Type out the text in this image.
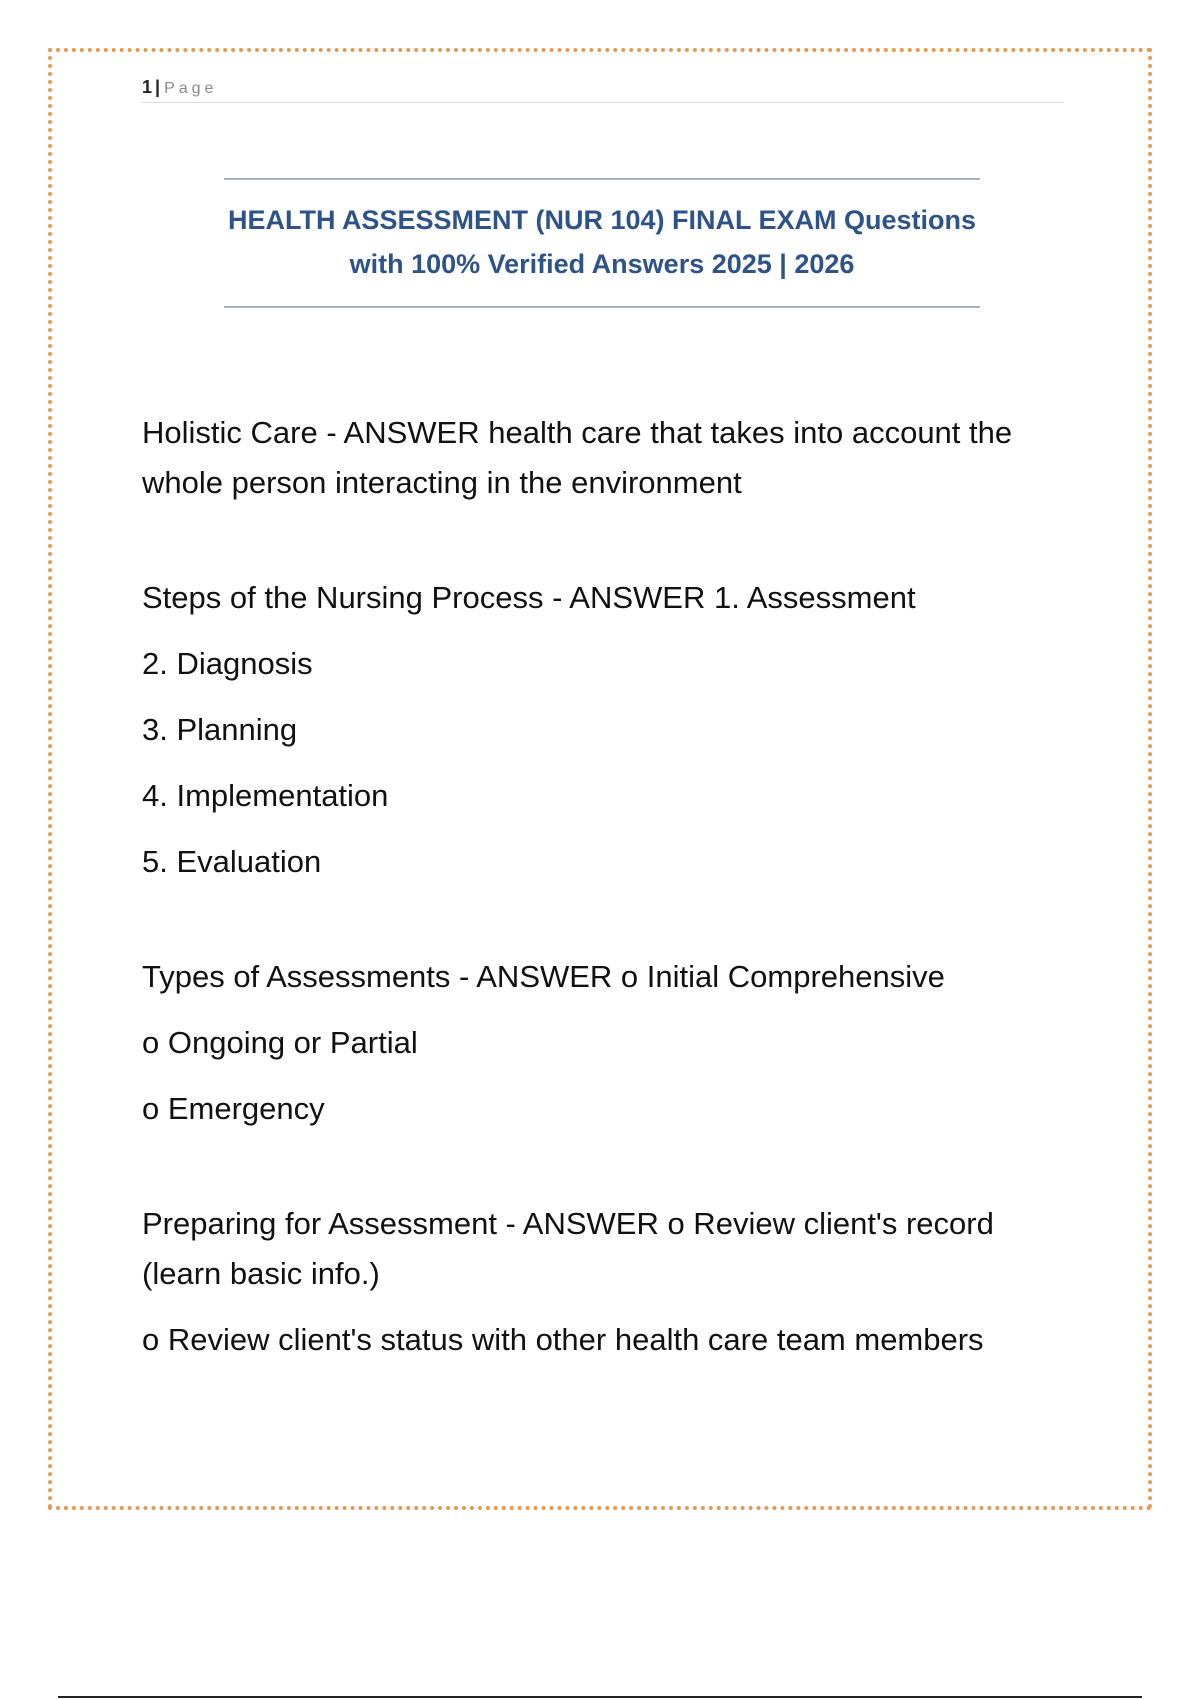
1 | Page
HEALTH ASSESSMENT (NUR 104) FINAL EXAM Questions
with 100% Verified Answers 2025 | 2026
Holistic Care - ANSWER health care that takes into account the
whole person interacting in the environment
Steps of the Nursing Process - ANSWER 1. Assessment
2. Diagnosis
3. Planning
4. Implementation
5. Evaluation
Types of Assessments - ANSWER o Initial Comprehensive
o Ongoing or Partial
o Emergency
Preparing for Assessment - ANSWER o Review client's record
(learn basic info.)
o Review client's status with other health care team members
